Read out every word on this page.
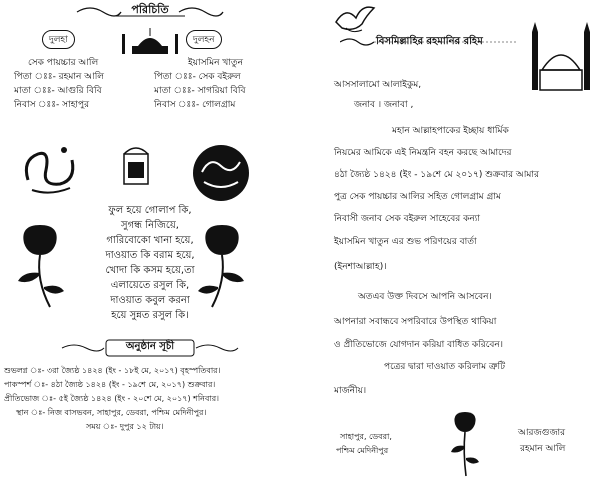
পরিচিতি
দুলহা	দুলহন
সেক পায়চ্চার আলি
পিতা ঃঃ- রহমান আলি
মাতা ঃঃ- আগুরি বিবি
নিবাস ঃঃ- সাহাপুর
ইয়াসমিন খাতুন
পিতা ঃঃ- সেক বইরুল
মাতা ঃঃ- সাগরিয়া বিবি
নিবাস ঃঃ- গোলগ্রাম
ফুল হয়ে গোলাপ কি,
সুগন্ধ নিজিয়ে,
গারিবোকো খানা হয়ে,
দাওয়াত কি বরাম হয়ে,
খোদা কি কসম হয়ে,তা
এলায়েতে রসুল কি,
দাওয়াত কবুল করনা
হয়ে সুন্নত রসুল কি।
অনুষ্ঠান সূচী
শুভলগ্ন ঃ- ৩রা জ্যৈষ্ঠ ১৪২৪ (ইং - ১৮ই মে, ২০১৭) বৃহস্পতিবার।
পাকস্পর্শ ঃ- ৪ঠা জ্যৈষ্ঠ ১৪২৪ (ইং - ১৯শে মে, ২০১৭) শুক্রবার।
প্রীতিভোজ ঃ- ৫ই জ্যৈষ্ঠ ১৪২৪ (ইং - ২০শে মে, ২০১৭) শনিবার।
স্থান ঃ- নিজ বাসভবন, সাহাপুর, ডেবরা, পশ্চিম মেদিনীপুর।
সময় ঃ- দুপুর ১২ টায়।
বিসমিল্লাহির রহমানির রহিম
আসসালামো আলাইকুম,
জনাব । জনাবা ,
মহান আল্লাহপাকের ইচ্ছায় ধার্মিক
নিয়মের আমিকে এই নিমন্ত্রনি বহন করছে আমাদের
৪ঠা জ্যৈষ্ঠ ১৪২৪ (ইং - ১৯শে মে ২০১৭) শুক্রবার আমার
পুত্র সেক পায়চ্চার আলির সহিত গোলগ্রাম গ্রাম
নিবাসী জনাব সেক বইরুল সাহেবের কন্যা
ইয়াসমিন খাতুন এর শুভ পরিণয়ের বার্তা
(ইনশাআল্লাহ)।
অতএব উক্ত দিবসে আপনি আসবেন।
আপনারা সবান্ধবে সপরিবারে উপস্থিত থাকিয়া
ও প্রীতিভোজে যোগদান করিয়া বাধিত করিবেন।
পত্রের দ্বারা দাওয়াত করিলাম ত্রুটি
মার্জনীয়।
সাহাপুর, ডেবরা,
পশ্চিম মেদিনীপুর
আরজগুজার
রহমান আলি
